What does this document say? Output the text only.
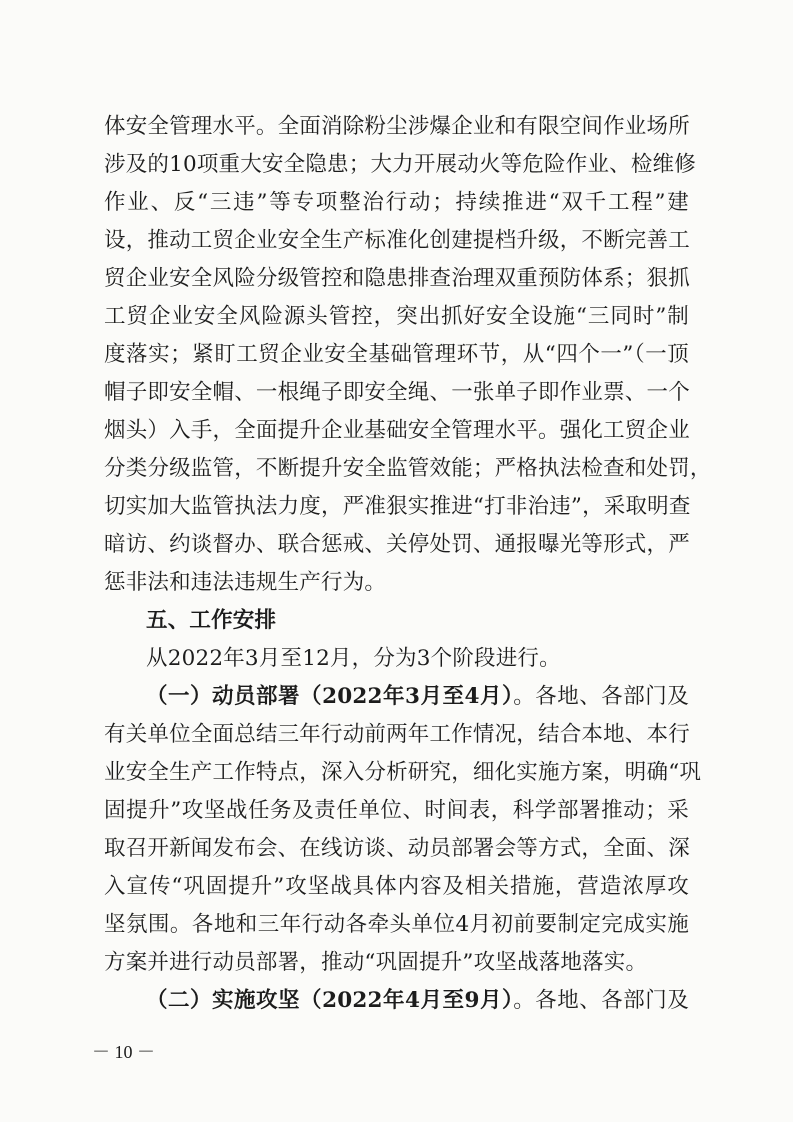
体安全管理水平。全面消除粉尘涉爆企业和有限空间作业场所
涉及的10项重大安全隐患；大力开展动火等危险作业、检维修
作业、反“三违”等专项整治行动；持续推进“双千工程”建
设，推动工贸企业安全生产标准化创建提档升级，不断完善工
贸企业安全风险分级管控和隐患排查治理双重预防体系；狠抓
工贸企业安全风险源头管控，突出抓好安全设施“三同时”制
度落实；紧盯工贸企业安全基础管理环节，从“四个一”（一顶
帽子即安全帽、一根绳子即安全绳、一张单子即作业票、一个
烟头）入手，全面提升企业基础安全管理水平。强化工贸企业
分类分级监管，不断提升安全监管效能；严格执法检查和处罚，
切实加大监管执法力度，严准狠实推进“打非治违”，采取明查
暗访、约谈督办、联合惩戒、关停处罚、通报曝光等形式，严
惩非法和违法违规生产行为。
五、工作安排
从2022年3月至12月，分为3个阶段进行。
（一）动员部署（2022年3月至4月）。各地、各部门及
有关单位全面总结三年行动前两年工作情况，结合本地、本行
业安全生产工作特点，深入分析研究，细化实施方案，明确“巩
固提升”攻坚战任务及责任单位、时间表，科学部署推动；采
－ 10 －
取召开新闻发布会、在线访谈、动员部署会等方式，全面、深
入宣传“巩固提升”攻坚战具体内容及相关措施，营造浓厚攻
坚氛围。各地和三年行动各牵头单位4月初前要制定完成实施
方案并进行动员部署，推动“巩固提升”攻坚战落地落实。
（二）实施攻坚（2022年4月至9月）。各地、各部门及
